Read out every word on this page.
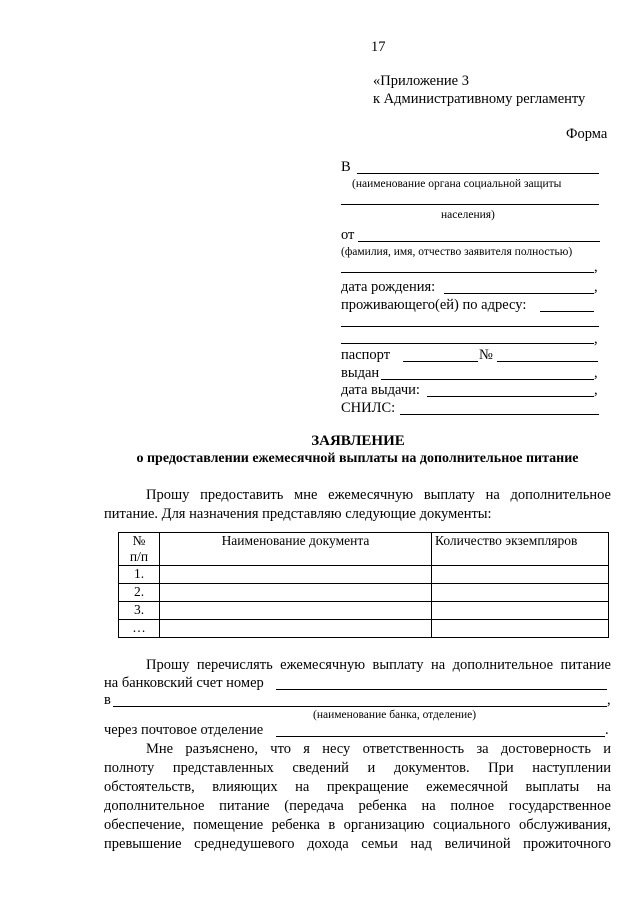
17
«Приложение 3
к Административному регламенту
Форма
В
(наименование органа социальной защиты
населения)
от
(фамилия, имя, отчество заявителя полностью)
,
дата рождения:	,
проживающего(ей) по адресу:
,
паспорт	№
выдан	,
дата выдачи:	,
СНИЛС:
ЗАЯВЛЕНИЕ
о предоставлении ежемесячной выплаты на дополнительное питание
Прошу предоставить мне ежемесячную выплату на дополнительное
питание. Для назначения представляю следующие документы:
№
п/п	Наименование документа	Количество экземпляров
1.		
2.		
3.		
…		
Прошу перечислять ежемесячную выплату на дополнительное питание
на банковский счет номер
в	,
(наименование банка, отделение)
через почтовое отделение	.
Мне разъяснено, что я несу ответственность за достоверность и
полноту представленных сведений и документов. При наступлении
обстоятельств, влияющих на прекращение ежемесячной выплаты на
дополнительное питание (передача ребенка на полное государственное
обеспечение, помещение ребенка в организацию социального обслуживания,
превышение среднедушевого дохода семьи над величиной прожиточного
